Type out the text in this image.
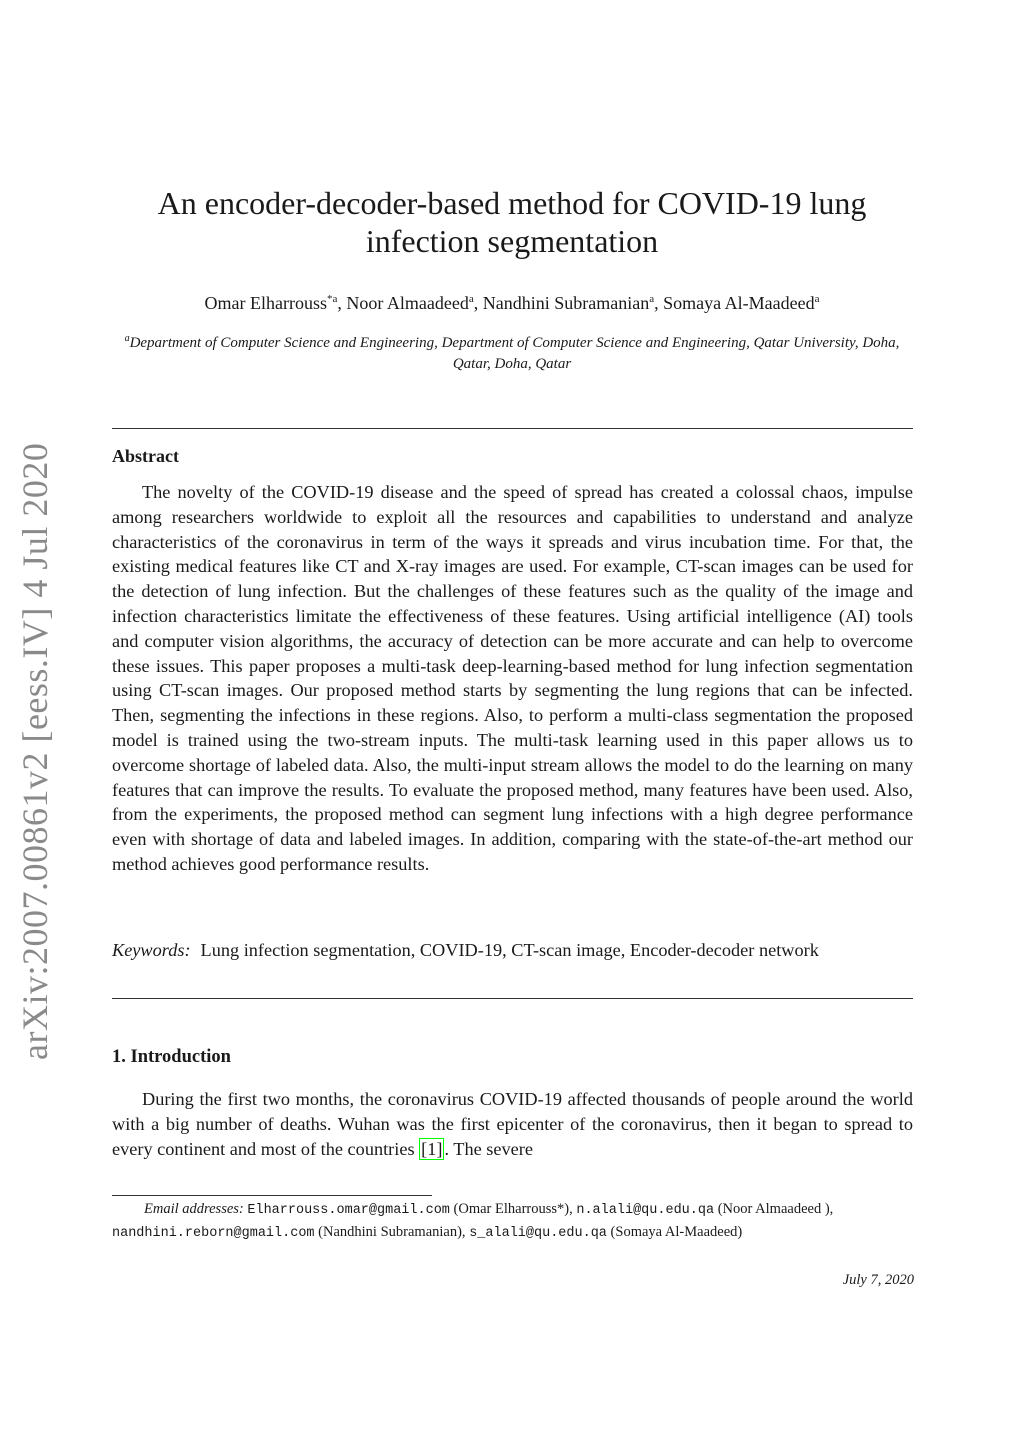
arXiv:2007.00861v2 [eess.IV] 4 Jul 2020
An encoder-decoder-based method for COVID-19 lung infection segmentation
Omar Elharrouss$^{*a}$, Noor Almaadeed$^a$, Nandhini Subramanian$^a$, Somaya Al-Maadeed$^a$
$^a$Department of Computer Science and Engineering, Department of Computer Science and Engineering, Qatar University, Doha, Qatar, Doha, Qatar
Abstract

The novelty of the COVID-19 disease and the speed of spread has created a colossal chaos, impulse among researchers worldwide to exploit all the resources and capabilities to understand and analyze characteristics of the coronavirus in term of the ways it spreads and virus incubation time. For that, the existing medical features like CT and X-ray images are used. For example, CT-scan images can be used for the detection of lung infection. But the challenges of these features such as the quality of the image and infection characteristics limitate the effectiveness of these features. Using artificial intelligence (AI) tools and computer vision algorithms, the accuracy of detection can be more accurate and can help to overcome these issues. This paper proposes a multi-task deep-learning-based method for lung infection segmentation using CT-scan images. Our proposed method starts by segmenting the lung regions that can be infected. Then, segmenting the infections in these regions. Also, to perform a multi-class segmentation the proposed model is trained using the two-stream inputs. The multi-task learning used in this paper allows us to overcome shortage of labeled data. Also, the multi-input stream allows the model to do the learning on many features that can improve the results. To evaluate the proposed method, many features have been used. Also, from the experiments, the proposed method can segment lung infections with a high degree performance even with shortage of data and labeled images. In addition, comparing with the state-of-the-art method our method achieves good performance results.

Keywords: Lung infection segmentation, COVID-19, CT-scan image, Encoder-decoder network
1. Introduction

During the first two months, the coronavirus COVID-19 affected thousands of people around the world with a big number of deaths. Wuhan was the first epicenter of the coronavirus, then it began to spread to every continent and most of the countries [1] . The severe

Email addresses: Elharrouss.omar@gmail.com (Omar Elharrouss*), n.alali@qu.edu.qa (Noor Almaadeed ), nandhini.reborn@gmail.com (Nandhini Subramanian), s_alali@qu.edu.qa (Somaya Al-Maadeed)
July 7, 2020
